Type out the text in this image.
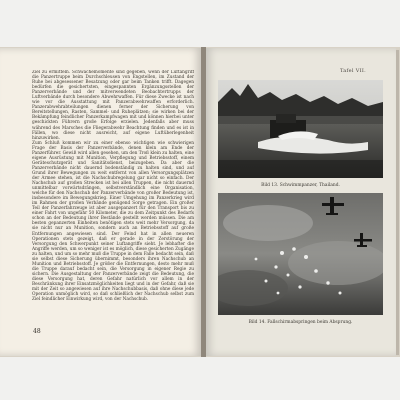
Ziel zu ermitteln. Schwächemomente sind gegeben, wenn der Luftangriff die Panzertruppe beim Durchschleusen von Engstellen, im Zustand der Ruhe bei abgesessener Besatzung oder gar beim Tanken trifft. Dagegen bedürfen die gesichertsten, eingespannten Ergänzungsstellen der Panzerverbände und der mitverwendeten Beobachtertrupps der Luftverbände durch besondere Abwehrwaffen. Für diese Zwecke ist nach wie vor die Ausstattung mit Panzerabwehrwaffen erforderlich. Panzerabwehrabteilungen dienen ferner der Sicherung von Bereitstellungen, Rasten, Sammel- und Ruheplätzen; sie wirken bei der Bekämpfung feindlicher Panzerkampfwagen mit und können hierbei unter geschickten Führern große Erfolge erzielen. Jedenfalls aber muss während des Marsches die Fliegerabwehr Beachtung finden und es ist in Fällen, wo diese nicht ausreicht, auf eigene Luftüberlegenheit hinzuwirken.

Zum Schluß kommen wir zu einer ebenso wichtigen wie schwierigen Frage der Basis der Panzerverbände, denen klein am Ende der Panzerführer. Gewiß wird allen gesehen, um den Troß klein zu halten, eine eigene Ausrüstung mit Munition, Verpflegung und Betriebsstoff, einem Geräteschutzgerät und Sanitätsdienst, beizugeben. Da aber die Panzerverbände nicht dauernd bodenständig zu halten sind, und auf Grund ihrer Bewegungen zu weit entfernt von allen Versorgungsplätzen der Armee stehen, ist die Nachschubregelung gar nicht so einfach. Der Nachschub auf großen Strecken ist bei allen Truppen, die nicht dauernd unmittelbar vorwärtsdrängen, selbstverständlich eine Organisation, welche für den Nachschub der Panzerverbände von großer Bedeutung ist, insbesondere im Bewegungskrieg. Einer Umgehung im Panzerkrieg wird im Rahmen der großen Verbände genügend Sorge getragen. Ein großer Teil der Panzerfahrzeuge ist aber ausgepanzert für den Transport bis zu einer Fahrt von ungefähr 50 Kilometer, die zu dem Zeitpunkt des Bedarfs schon an der Bedeutung ihrer Bestände gestellt werden müssen. Die am besten gepanzerten Einheiten benötigen stets weit mehr Versorgung, da sie nicht nur an Munition, sondern auch an Betriebsstoff auf große Entfernungen angewiesen sind. Der Feind hat in allen neueren Operationen stets gezeigt, daß er gerade in der Zerstörung der Versorgung den Schwerpunkt seiner Luftangriffe sieht. Je lebhafter die Angriffe werden, um so weniger ist es möglich, diese gesicherten Zugänge zu halten, und um so mehr muß die Truppe in dem Falle bedacht sein, daß sie selbst diese Sicherung übernimmt, besonders ihren Nachschub an Munition und Betriebsstoff. Je größer die Entfernungen, desto mehr muß die Truppe darauf bedacht sein, die Versorgung in eigener Regie zu sichern. Die Ausgestaltung der Panzerverbände zeigt die Bedeutung, die diese Versorgung hat, deren Gefahr natürlich vor allem in der Beschränkung ihrer Einsatzmöglichkeiten liegt und in der Gefahr, daß sie mit der Zeit so angewiesen auf ihre Nachschubbasis, daß ohne diese jede Operation unmöglich wird, so daß schließlich der Nachschub selbst zum Ziel feindlicher Einwirkung wird, von der Nachschub.

48
Tafel VII.
Bild 13. Schwimmpanzer, Thailand.
Bild 14. Fallschirmabspringen beim Absprung.
